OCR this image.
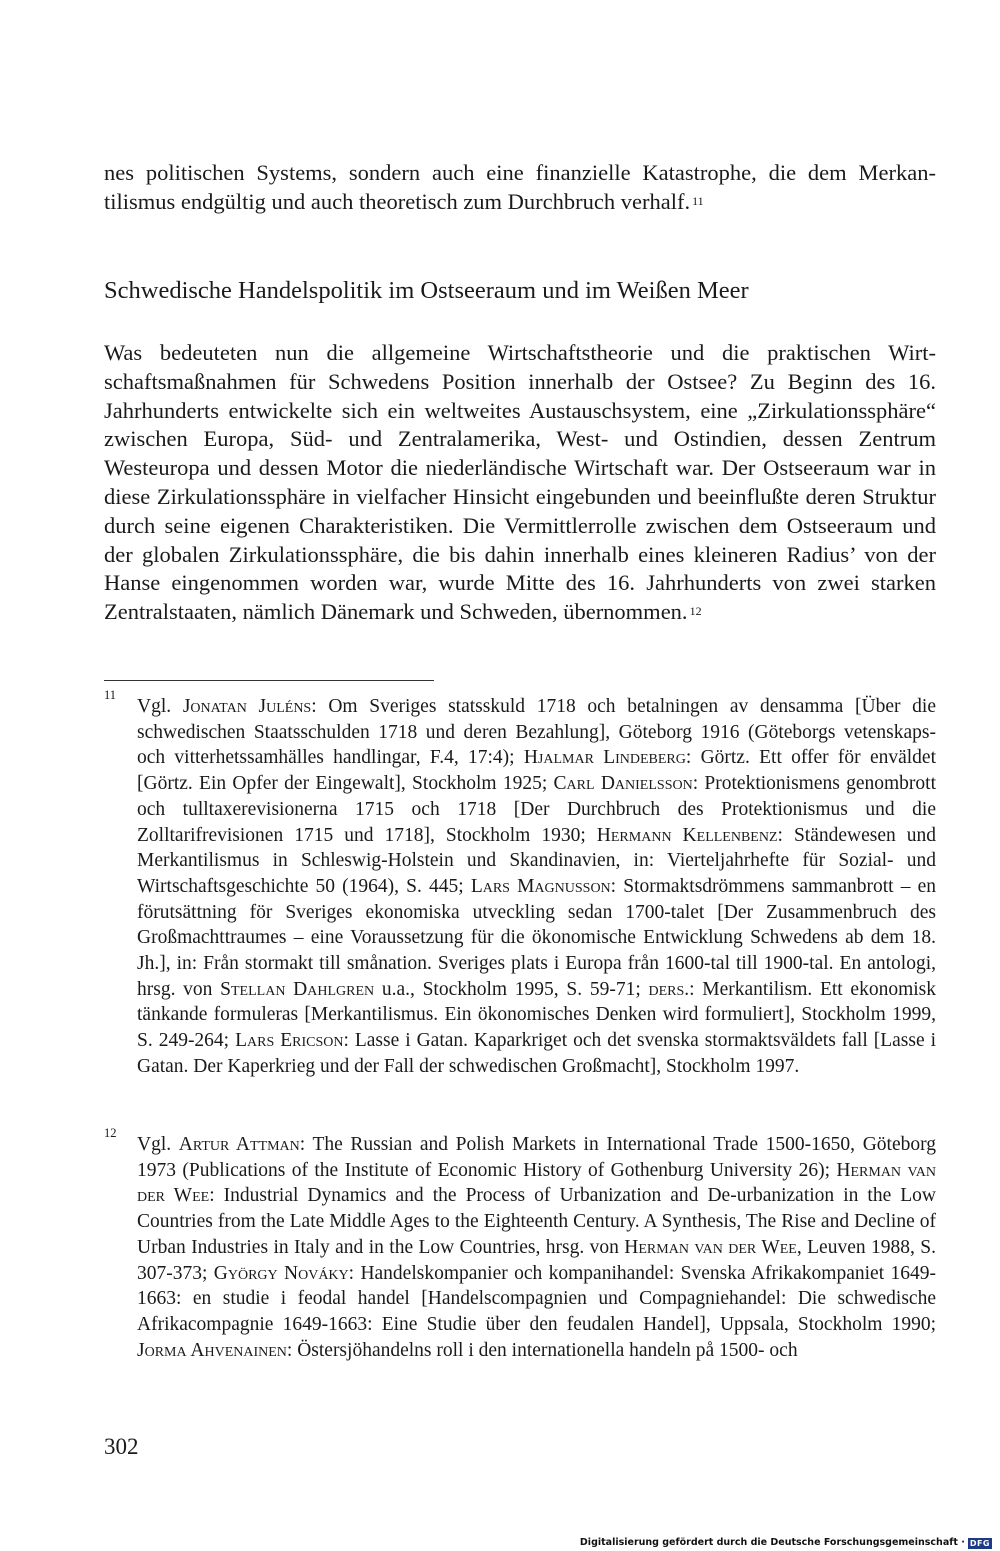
nes politischen Systems, sondern auch eine finanzielle Katastrophe, die dem Merkantilismus endgültig und auch theoretisch zum Durchbruch verhalf. $^{11}$
Schwedische Handelspolitik im Ostseeraum und im Weißen Meer
Was bedeuteten nun die allgemeine Wirtschaftstheorie und die praktischen Wirtschaftsmaßnahmen für Schwedens Position innerhalb der Ostsee? Zu Beginn des 16. Jahrhunderts entwickelte sich ein weltweites Austauschsystem, eine „Zirkulationssphäre“ zwischen Europa, Süd- und Zentralamerika, West- und Ostindien, dessen Zentrum Westeuropa und dessen Motor die niederländische Wirtschaft war. Der Ostseeraum war in diese Zirkulationssphäre in vielfacher Hinsicht eingebunden und beeinflußte deren Struktur durch seine eigenen Charakteristiken. Die Vermittlerrolle zwischen dem Ostseeraum und der globalen Zirkulationssphäre, die bis dahin innerhalb eines kleineren Radius’ von der Hanse eingenommen worden war, wurde Mitte des 16. Jahrhunderts von zwei starken Zentralstaaten, nämlich Dänemark und Schweden, übernommen. $^{12}$
11
Vgl. Jonatan Juléns: Om Sveriges statsskuld 1718 och betalningen av densamma [Über die schwedischen Staatsschulden 1718 und deren Bezahlung], Göteborg 1916 (Göteborgs vetenskaps- och vitterhetssamhälles handlingar, F.4, 17:4); Hjalmar Lindeberg: Görtz. Ett offer för enväldet [Görtz. Ein Opfer der Eingewalt], Stockholm 1925; Carl Danielsson: Protektionismens genombrott och tulltaxerevisionerna 1715 och 1718 [Der Durchbruch des Protektionismus und die Zolltarifrevisionen 1715 und 1718], Stockholm 1930; Hermann Kellenbenz: Ständewesen und Merkantilismus in Schleswig-Holstein und Skandinavien, in: Vierteljahrhefte für Sozial- und Wirtschaftsgeschichte 50 (1964), S. 445; Lars Magnusson: Stormaktsdrömmens sammanbrott – en förutsättning för Sveriges ekonomiska utveckling sedan 1700-talet [Der Zusammenbruch des Großmachttraumes – eine Voraussetzung für die ökonomische Entwicklung Schwedens ab dem 18. Jh.], in: Från stormakt till smånation. Sveriges plats i Europa från 1600-tal till 1900-tal. En antologi, hrsg. von Stellan Dahlgren u.a., Stockholm 1995, S. 59-71; ders.: Merkantilism. Ett ekonomisk tänkande formuleras [Merkantilismus. Ein ökonomisches Denken wird formuliert], Stockholm 1999, S. 249-264; Lars Ericson: Lasse i Gatan. Kaparkriget och det svenska stormaktsväldets fall [Lasse i Gatan. Der Kaperkrieg und der Fall der schwedischen Großmacht], Stockholm 1997.
12
Vgl. Artur Attman: The Russian and Polish Markets in International Trade 1500-1650, Göteborg 1973 (Publications of the Institute of Economic History of Gothenburg University 26); Herman van der Wee: Industrial Dynamics and the Process of Urbanization and De-urbanization in the Low Countries from the Late Middle Ages to the Eighteenth Century. A Synthesis, The Rise and Decline of Urban Industries in Italy and in the Low Countries, hrsg. von Herman van der Wee, Leuven 1988, S. 307-373; György Nováky: Handelskompanier och kompanihandel: Svenska Afrikakompaniet 1649-1663: en studie i feodal handel [Handelscompagnien und Compagniehandel: Die schwedische Afrikacompagnie 1649-1663: Eine Studie über den feudalen Handel], Uppsala, Stockholm 1990; Jorma Ahvenainen: Östersjöhandelns roll i den internationella handeln på 1500- och
302
Digitalisierung gefördert durch die Deutsche Forschungsgemeinschaft · DFG
